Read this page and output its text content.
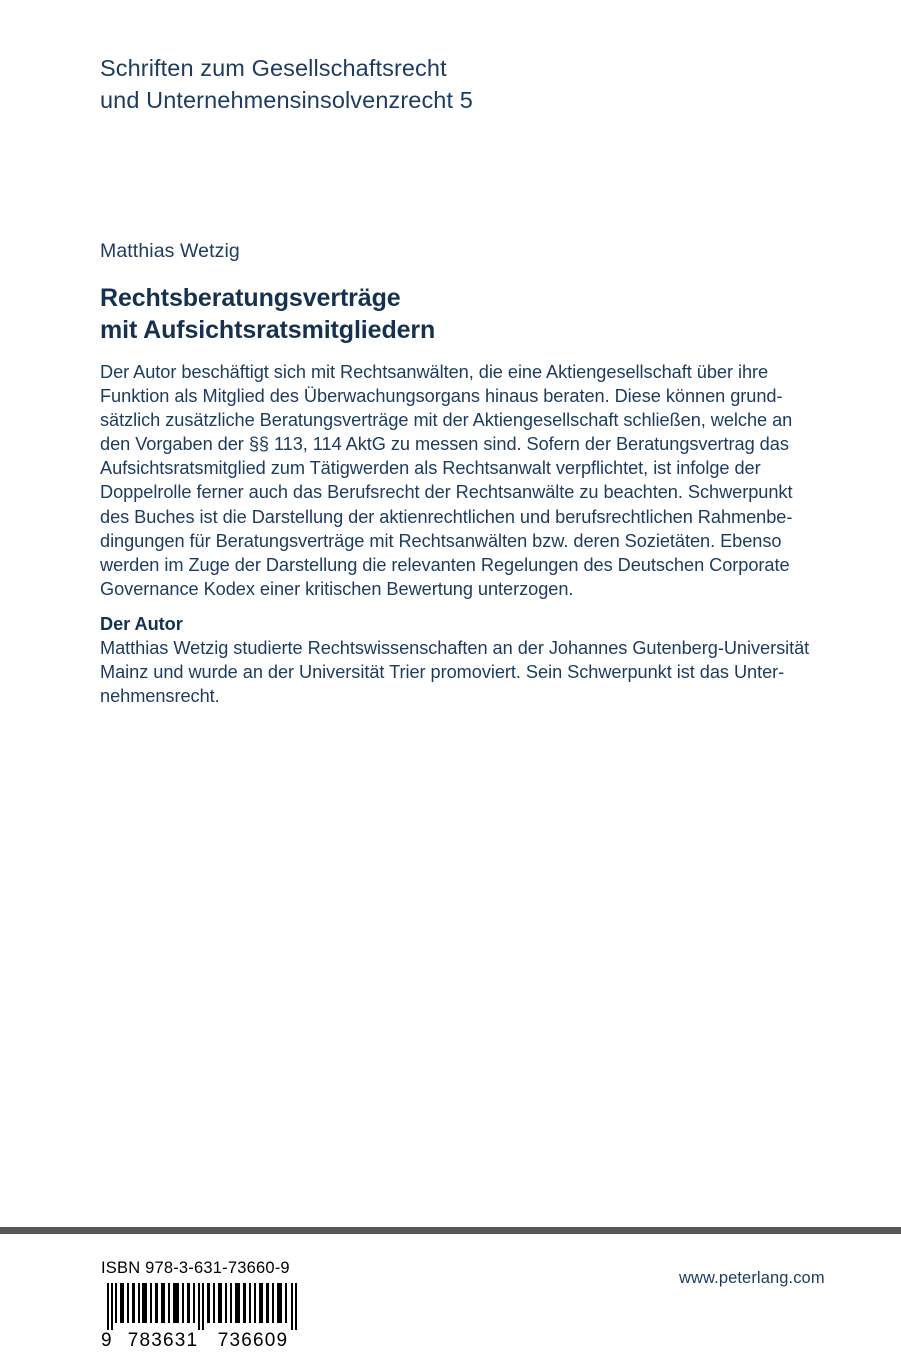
Schriften zum Gesellschaftsrecht
und Unternehmensinsolvenzrecht 5
Matthias Wetzig
Rechtsberatungsverträge
mit Aufsichtsratsmitgliedern
Der Autor beschäftigt sich mit Rechtsanwälten, die eine Aktiengesellschaft über ihre
Funktion als Mitglied des Überwachungsorgans hinaus beraten. Diese können grund-
sätzlich zusätzliche Beratungsverträge mit der Aktiengesellschaft schließen, welche an
den Vorgaben der §§ 113, 114 AktG zu messen sind. Sofern der Beratungsvertrag das
Aufsichtsratsmitglied zum Tätigwerden als Rechtsanwalt verpflichtet, ist infolge der
Doppelrolle ferner auch das Berufsrecht der Rechtsanwälte zu beachten. Schwerpunkt
des Buches ist die Darstellung der aktienrechtlichen und berufsrechtlichen Rahmenbe-
dingungen für Beratungsverträge mit Rechtsanwälten bzw. deren Sozietäten. Ebenso
werden im Zuge der Darstellung die relevanten Regelungen des Deutschen Corporate
Governance Kodex einer kritischen Bewertung unterzogen.
Der Autor
Matthias Wetzig studierte Rechtswissenschaften an der Johannes Gutenberg-Universität
Mainz und wurde an der Universität Trier promoviert. Sein Schwerpunkt ist das Unter-
nehmensrecht.
ISBN 978-3-631-73660-9
9 783631	736609
www.peterlang.com
